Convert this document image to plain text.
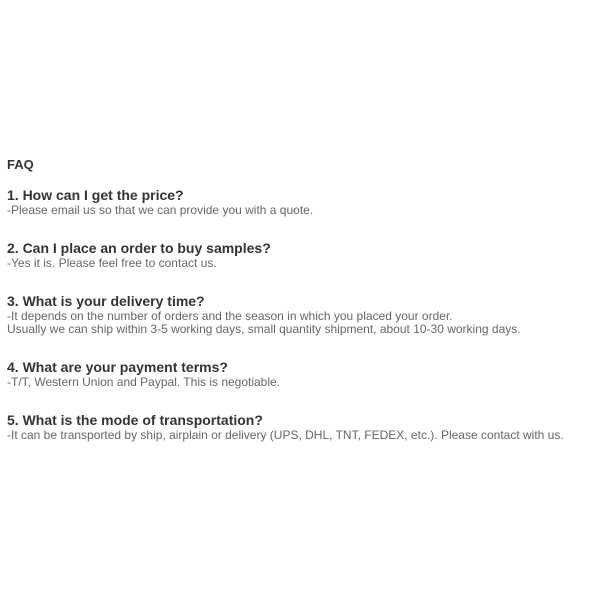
FAQ
1. How can I get the price?
-Please email us so that we can provide you with a quote.
2. Can I place an order to buy samples?
-Yes it is. Please feel free to contact us.
3. What is your delivery time?
-It depends on the number of orders and the season in which you placed your order.
Usually we can ship within 3-5 working days, small quantity shipment, about 10-30 working days.
4. What are your payment terms?
-T/T, Western Union and Paypal. This is negotiable.
5. What is the mode of transportation?
-It can be transported by ship, airplain or delivery (UPS, DHL, TNT, FEDEX, etc.). Please contact with us.
